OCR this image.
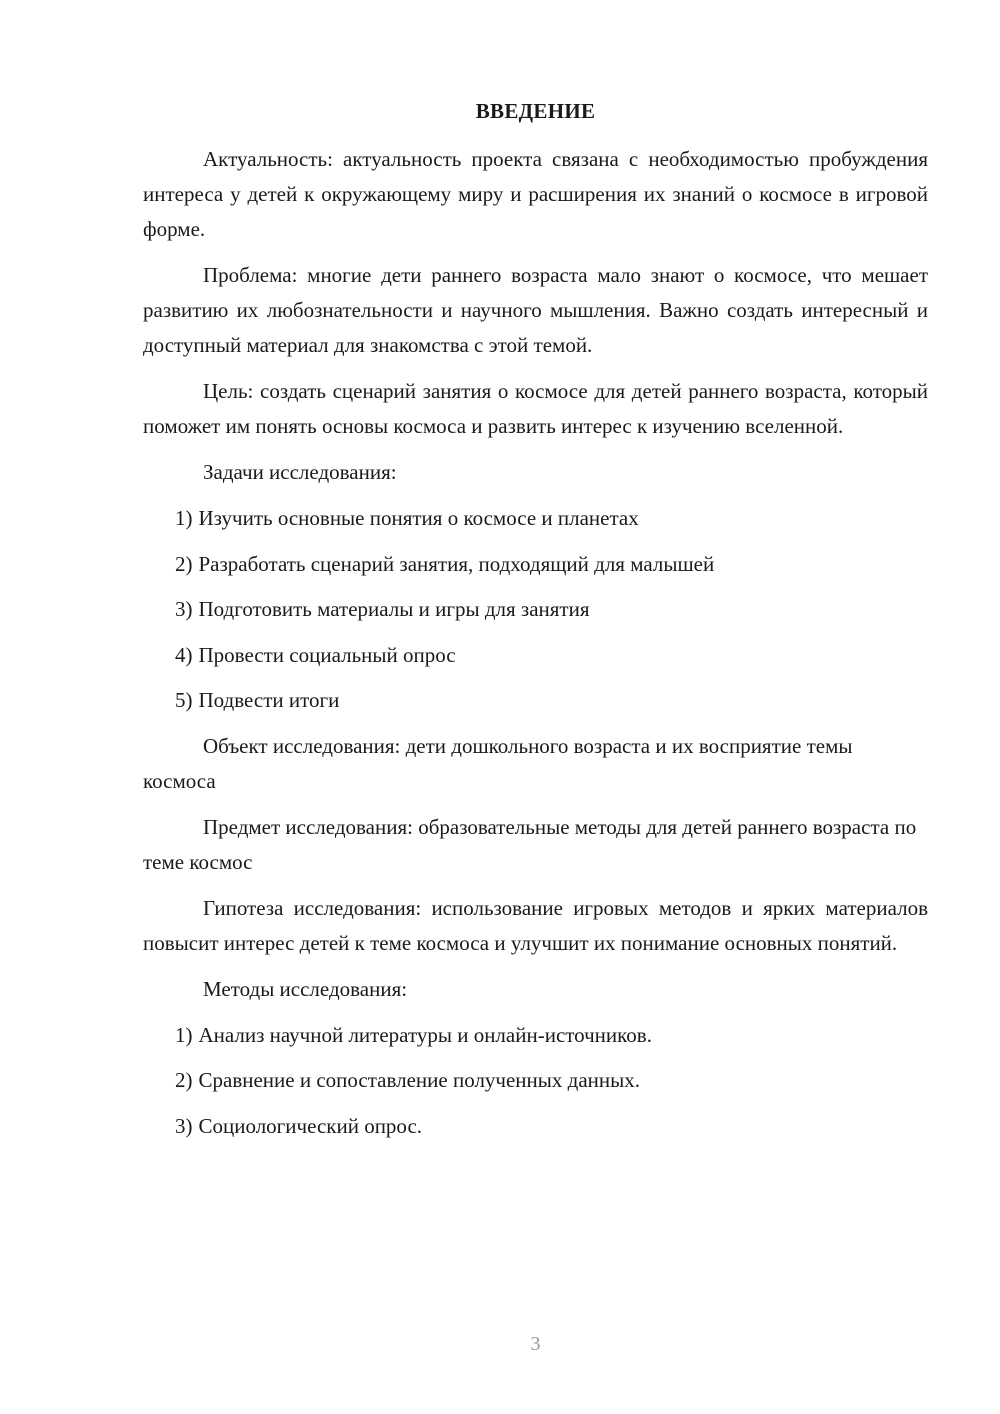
ВВЕДЕНИЕ

Актуальность: актуальность проекта связана с необходимостью пробуждения интереса у детей к окружающему миру и расширения их знаний о космосе в игровой форме.

Проблема: многие дети раннего возраста мало знают о космосе, что мешает развитию их любознательности и научного мышления. Важно создать интересный и доступный материал для знакомства с этой темой.

Цель: создать сценарий занятия о космосе для детей раннего возраста, который поможет им понять основы космоса и развить интерес к изучению вселенной.

Задачи исследования:

1) Изучить основные понятия о космосе и планетах
2) Разработать сценарий занятия, подходящий для малышей
3) Подготовить материалы и игры для занятия
4) Провести социальный опрос
5) Подвести итоги

Объект исследования: дети дошкольного возраста и их восприятие темы космоса

Предмет исследования: образовательные методы для детей раннего возраста по теме космос

Гипотеза исследования: использование игровых методов и ярких материалов повысит интерес детей к теме космоса и улучшит их понимание основных понятий.

Методы исследования:

1) Анализ научной литературы и онлайн-источников.
2) Сравнение и сопоставление полученных данных.
3) Социологический опрос.
3
